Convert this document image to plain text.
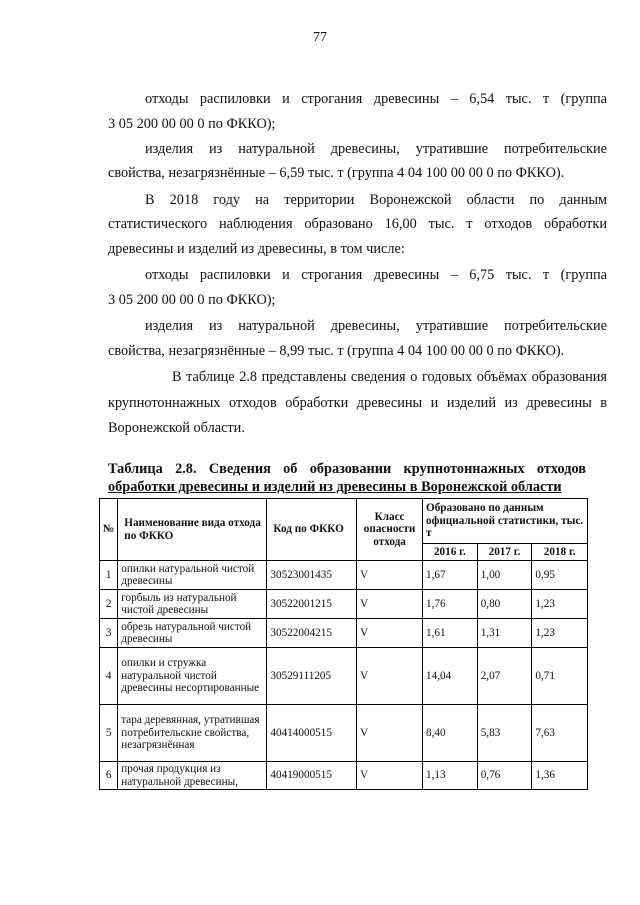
77
отходы распиловки и строгания древесины – 6,54 тыс. т (группа
3 05 200 00 00 0 по ФККО);
изделия из натуральной древесины, утратившие потребительские
свойства, незагрязнённые – 6,59 тыс. т (группа 4 04 100 00 00 0 по ФККО).
В 2018 году на территории Воронежской области по данным
статистического наблюдения образовано 16,00 тыс. т отходов обработки
древесины и изделий из древесины, в том числе:
отходы распиловки и строгания древесины – 6,75 тыс. т (группа
3 05 200 00 00 0 по ФККО);
изделия из натуральной древесины, утратившие потребительские
свойства, незагрязнённые – 8,99 тыс. т (группа 4 04 100 00 00 0 по ФККО).
В таблице 2.8 представлены сведения о годовых объёмах образования
крупнотоннажных отходов обработки древесины и изделий из древесины в
Воронежской области.
Таблица 2.8. Сведения об образовании крупнотоннажных отходов
обработки древесины и изделий из древесины в Воронежской области
№	Наименование вида отхода по ФККО	Код по ФККО	Класс опасности отхода	Образовано по данным официальной статистики, тыс. т		
				2016 г.	2017 г.	2018 г.
1	опилки натуральной чистой древесины	30523001435	V	1,67	1,00	0,95
2	горбыль из натуральной чистой древесины	30522001215	V	1,76	0,80	1,23
3	обрезь натуральной чистой древесины	30522004215	V	1,61	1,31	1,23
4	опилки и стружка натуральной чистой древесины несортированные	30529111205	V	14,04	2,07	0,71
5	тара деревянная, утратившая потребительские свойства, незагрязнённая	40414000515	V	8,40	5,83	7,63
6	прочая продукция из натуральной древесины,	40419000515	V	1,13	0,76	1,36
